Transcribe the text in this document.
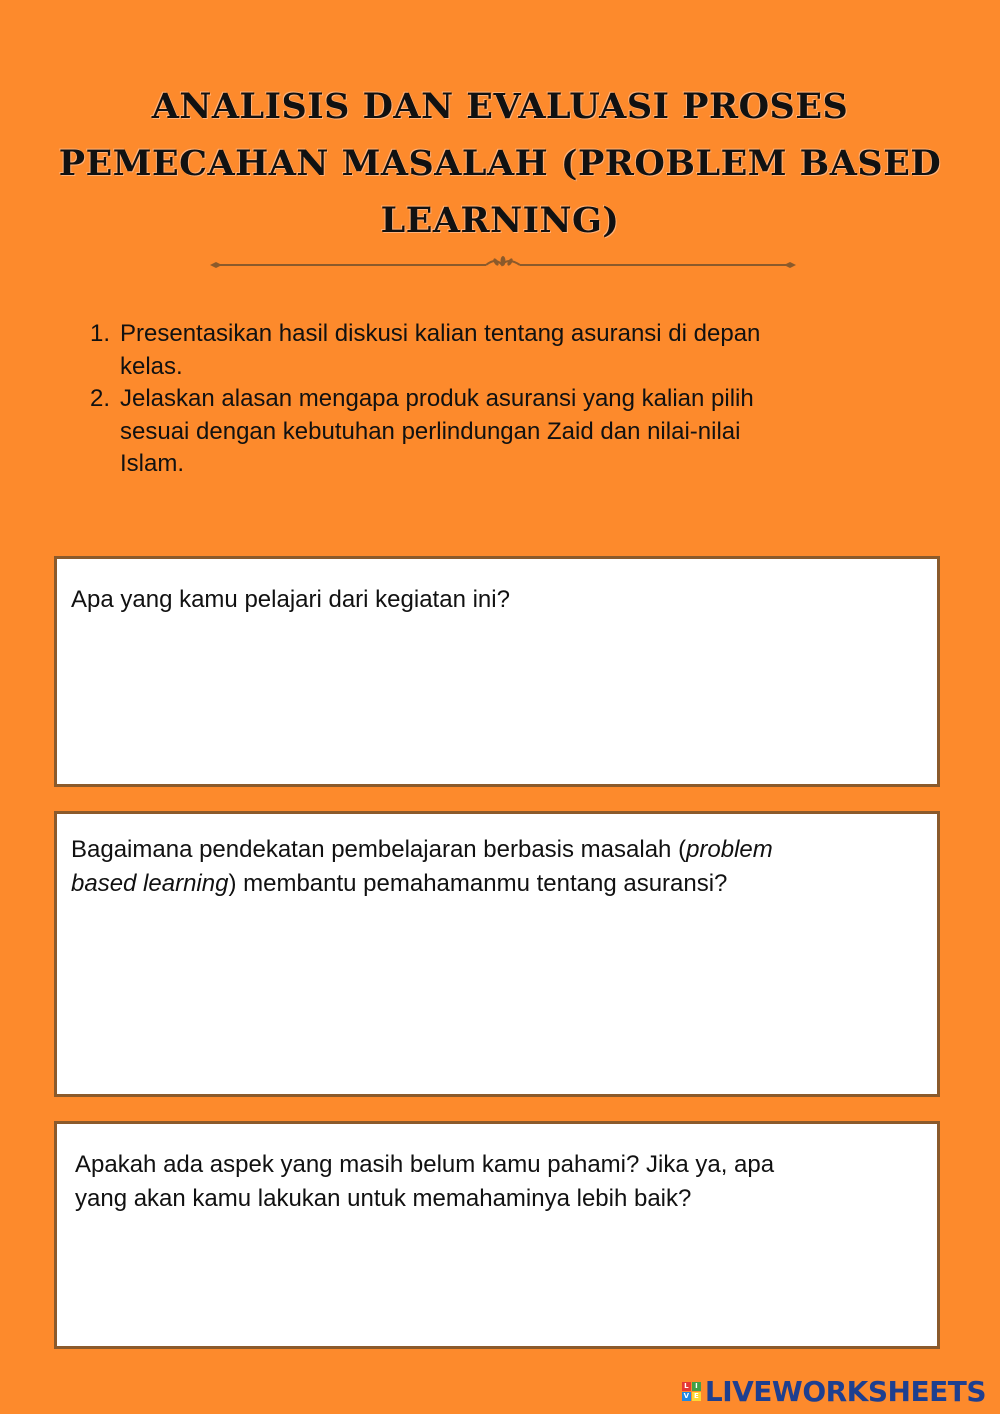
ANALISIS DAN EVALUASI PROSES
PEMECAHAN MASALAH (PROBLEM BASED
LEARNING)
1. Presentasikan hasil diskusi kalian tentang asuransi di depan
kelas.
2. Jelaskan alasan mengapa produk asuransi yang kalian pilih
sesuai dengan kebutuhan perlindungan Zaid dan nilai-nilai
Islam.
Apa yang kamu pelajari dari kegiatan ini?
Bagaimana pendekatan pembelajaran berbasis masalah (problem
based learning) membantu pemahamanmu tentang asuransi?
Apakah ada aspek yang masih belum kamu pahami? Jika ya, apa
yang akan kamu lakukan untuk memahaminya lebih baik?
L I
V E LIVEWORKSHEETS
